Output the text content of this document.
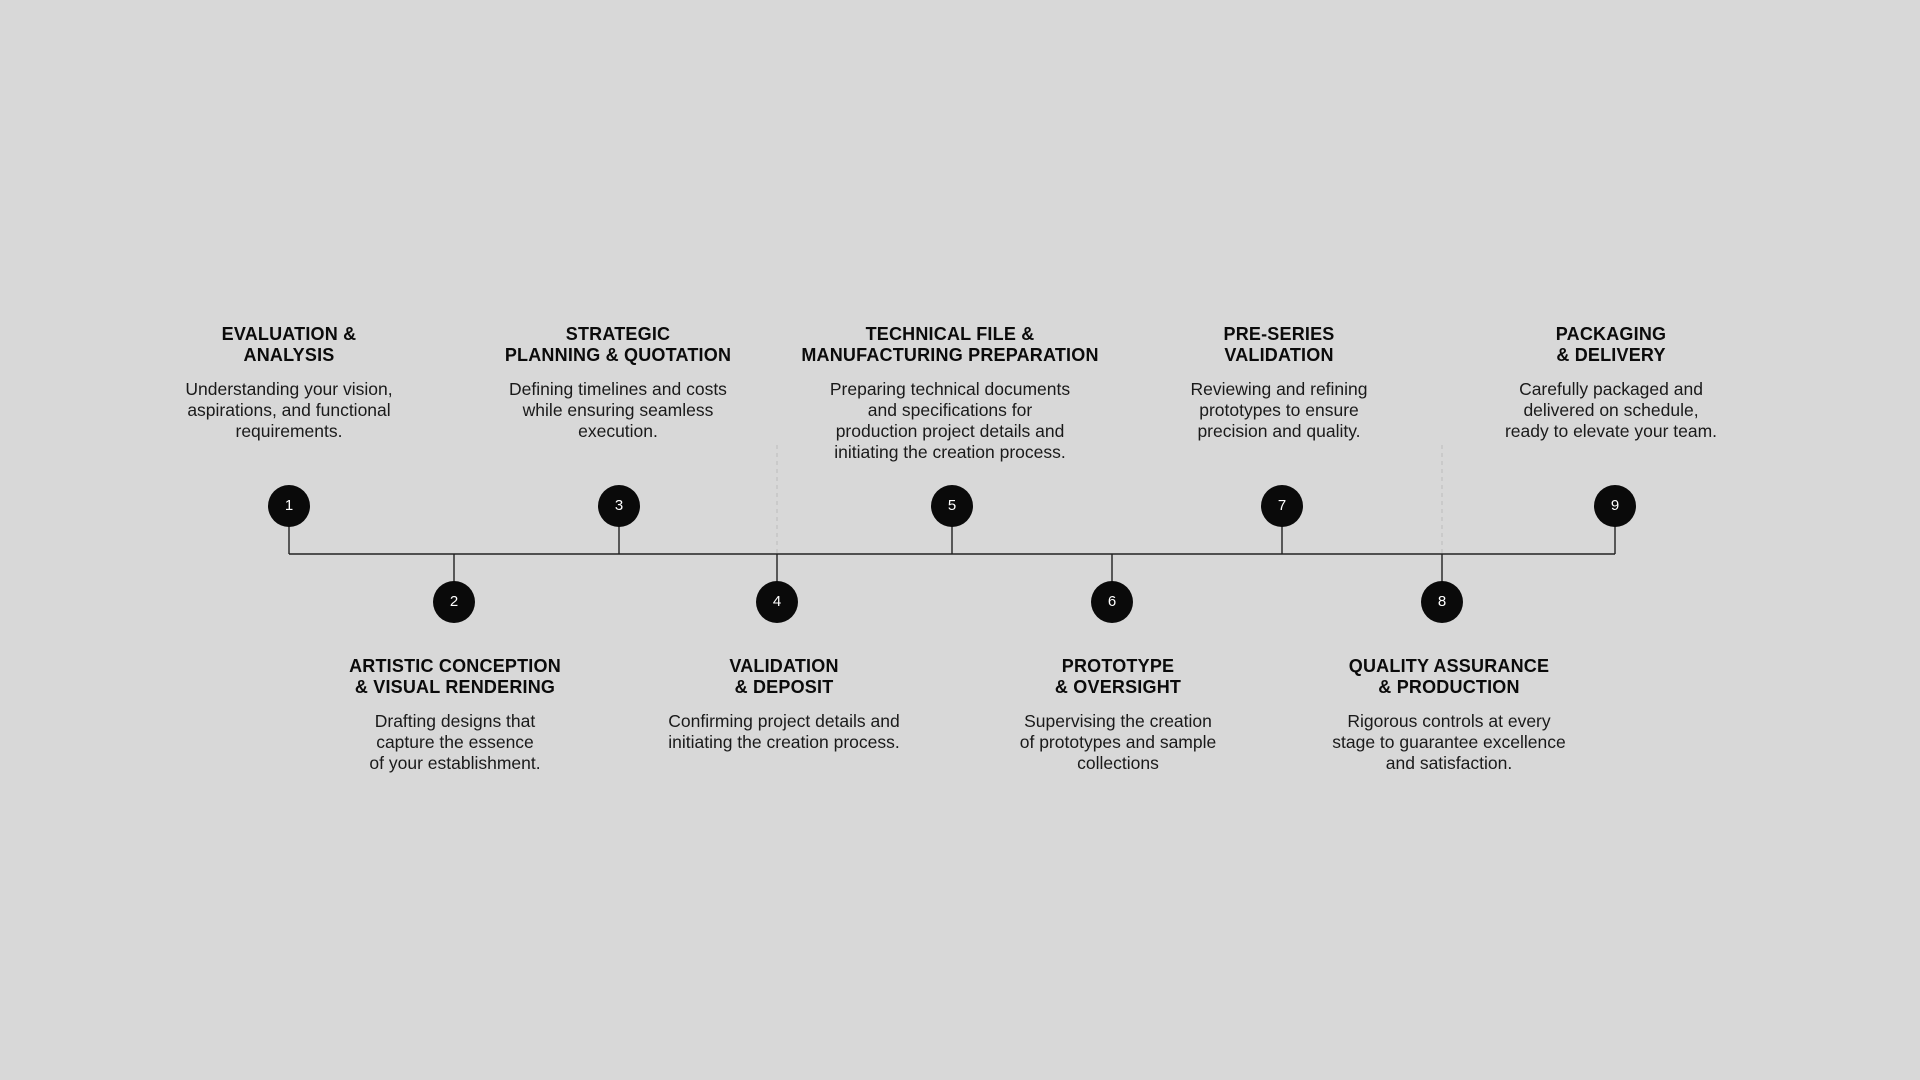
EVALUATION &
ANALYSIS
Understanding your vision,
aspirations, and functional
requirements.
STRATEGIC
PLANNING & QUOTATION
Defining timelines and costs
while ensuring seamless
execution.
TECHNICAL FILE &
MANUFACTURING PREPARATION
Preparing technical documents
and specifications for
production project details and
initiating the creation process.
PRE-SERIES
VALIDATION
Reviewing and refining
prototypes to ensure
precision and quality.
PACKAGING
& DELIVERY
Carefully packaged and
delivered on schedule,
ready to elevate your team.
ARTISTIC CONCEPTION
& VISUAL RENDERING
Drafting designs that
capture the essence
of your establishment.
VALIDATION
& DEPOSIT
Confirming project details and
initiating the creation process.
PROTOTYPE
& OVERSIGHT
Supervising the creation
of prototypes and sample
collections
QUALITY ASSURANCE
& PRODUCTION
Rigorous controls at every
stage to guarantee excellence
and satisfaction.
1
2
3
4
5
6
7
8
9
